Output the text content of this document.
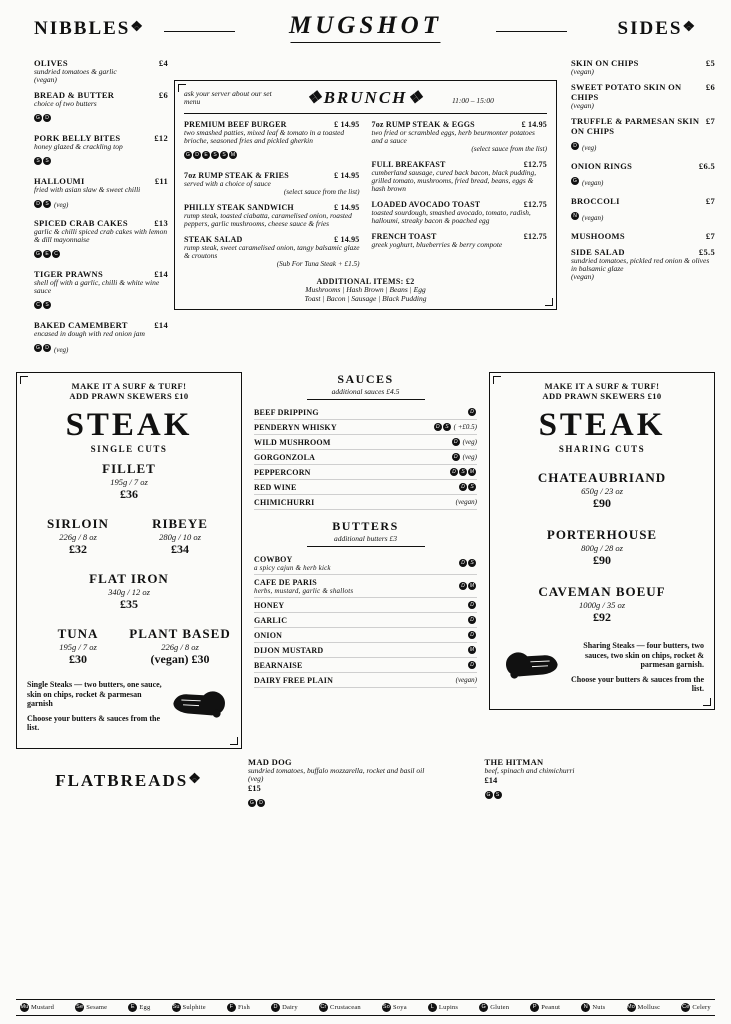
NIBBLES❖	MUGSHOT	SIDES❖
OLIVES	£4
sundried tomatoes & garlic
(vegan)
BREAD & BUTTER	£6
choice of two butters
G D
PORK BELLY BITES	£12
honey glazed & crackling top
S S
HALLOUMI	£11
fried with asian slaw & sweet chilli
D S (veg)
SPICED CRAB CAKES	£13
garlic & chilli spiced crab cakes with lemon & dill mayonnaise
G E C
TIGER PRAWNS	£14
shell off with a garlic, chilli & white wine sauce
C S
BAKED CAMEMBERT	£14
encased in dough with red onion jam
G D (veg)
ask your server about our set menu	❖BRUNCH❖	11:00 – 15:00
PREMIUM BEEF BURGER	£ 14.95
two smashed patties, mixed leaf & tomato in a toasted brioche, seasoned fries and pickled gherkin
G D E S S M
7oz RUMP STEAK & FRIES	£ 14.95
served with a choice of sauce
(select sauce from the list)
PHILLY STEAK SANDWICH	£ 14.95
rump steak, toasted ciabatta, caramelised onion, roasted peppers, garlic mushrooms, cheese sauce & fries
STEAK SALAD	£ 14.95
rump steak, sweet caramelised onion, tangy balsamic glaze & croutons
(Sub For Tuna Steak + £1.5)
7oz RUMP STEAK & EGGS	£ 14.95
two fried or scrambled eggs, herb beurmonter potatoes and a sauce
(select sauce from the list)
FULL BREAKFAST	£12.75
cumberland sausage, cured back bacon, black pudding, grilled tomato, mushrooms, fried bread, beans, eggs & hash brown
LOADED AVOCADO TOAST	£12.75
toasted sourdough, smashed avocado, tomato, radish, halloumi, streaky bacon & poached egg
FRENCH TOAST	£12.75
greek yoghurt, blueberries & berry compote
ADDITIONAL ITEMS: £2
Mushrooms | Hash Brown | Beans | Egg
Toast | Bacon | Sausage | Black Pudding
SKIN ON CHIPS	£5
(vegan)
SWEET POTATO SKIN ON CHIPS
£6
(vegan)
TRUFFLE & PARMESAN SKIN ON CHIPS
£7
D (veg)
ONION RINGS	£6.5
G (vegan)
BROCCOLI	£7
N (vegan)
MUSHOOMS	£7
SIDE SALAD	£5.5
sundried tomatoes, pickled red onion & olives in balsamic glaze
(vegan)
MAKE IT A SURF & TURF!
ADD PRAWN SKEWERS £10
STEAK
SINGLE CUTS
FILLET
195g / 7 oz
£36
SIRLOIN
226g / 8 oz
£32
RIBEYE
280g / 10 oz
£34
FLAT IRON
340g / 12 oz
£35
TUNA
195g / 7 oz
£30
PLANT BASED
226g / 8 oz
(vegan) £30

Single Steaks — two butters, one sauce, skin on chips, rocket & parmesan garnish

Choose your butters & sauces from the list.

SAUCES
additional sauces £4.5
BEEF DRIPPING	D
PENDERYN WHISKY	D S ( +£0.5)
WILD MUSHROOM	D (veg)
GORGONZOLA	D (veg)
PEPPERCORN	D S M
RED WINE	D S
CHIMICHURRI	(vegan)
BUTTERS
additional butters £3
COWBOY
a spicy cajun & herb kick
D S
CAFE DE PARIS
herbs, mustard, garlic & shallots
D M
HONEY	D
GARLIC	D
ONION	D
DIJON MUSTARD	M
BEARNAISE	D
DAIRY FREE PLAIN	(vegan)
MAKE IT A SURF & TURF!
ADD PRAWN SKEWERS £10
STEAK
SHARING CUTS
CHATEAUBRIAND
650g / 23 oz
£90
PORTERHOUSE
800g / 28 oz
£90
CAVEMAN BOEUF
1000g / 35 oz
£92

Sharing Steaks — four butters, two sauces, two skin on chips, rocket & parmesan garnish.

Choose your butters & sauces from the list.

FLATBREADS❖
MAD DOG
sundried tomatoes, buffalo mozzarella, rocket and basil oil
(veg)
£15
G D
THE HITMAN
beef, spinach and chimichurri
£14
G S
Mu Mustard	Se Sesame	E Egg	Su Sulphite	F Fish	D Dairy	Cr Crustacean	So Soya	L Lupins	G Gluten	P Peanut	N Nuts	Mo Mollusc	Ce Celery
